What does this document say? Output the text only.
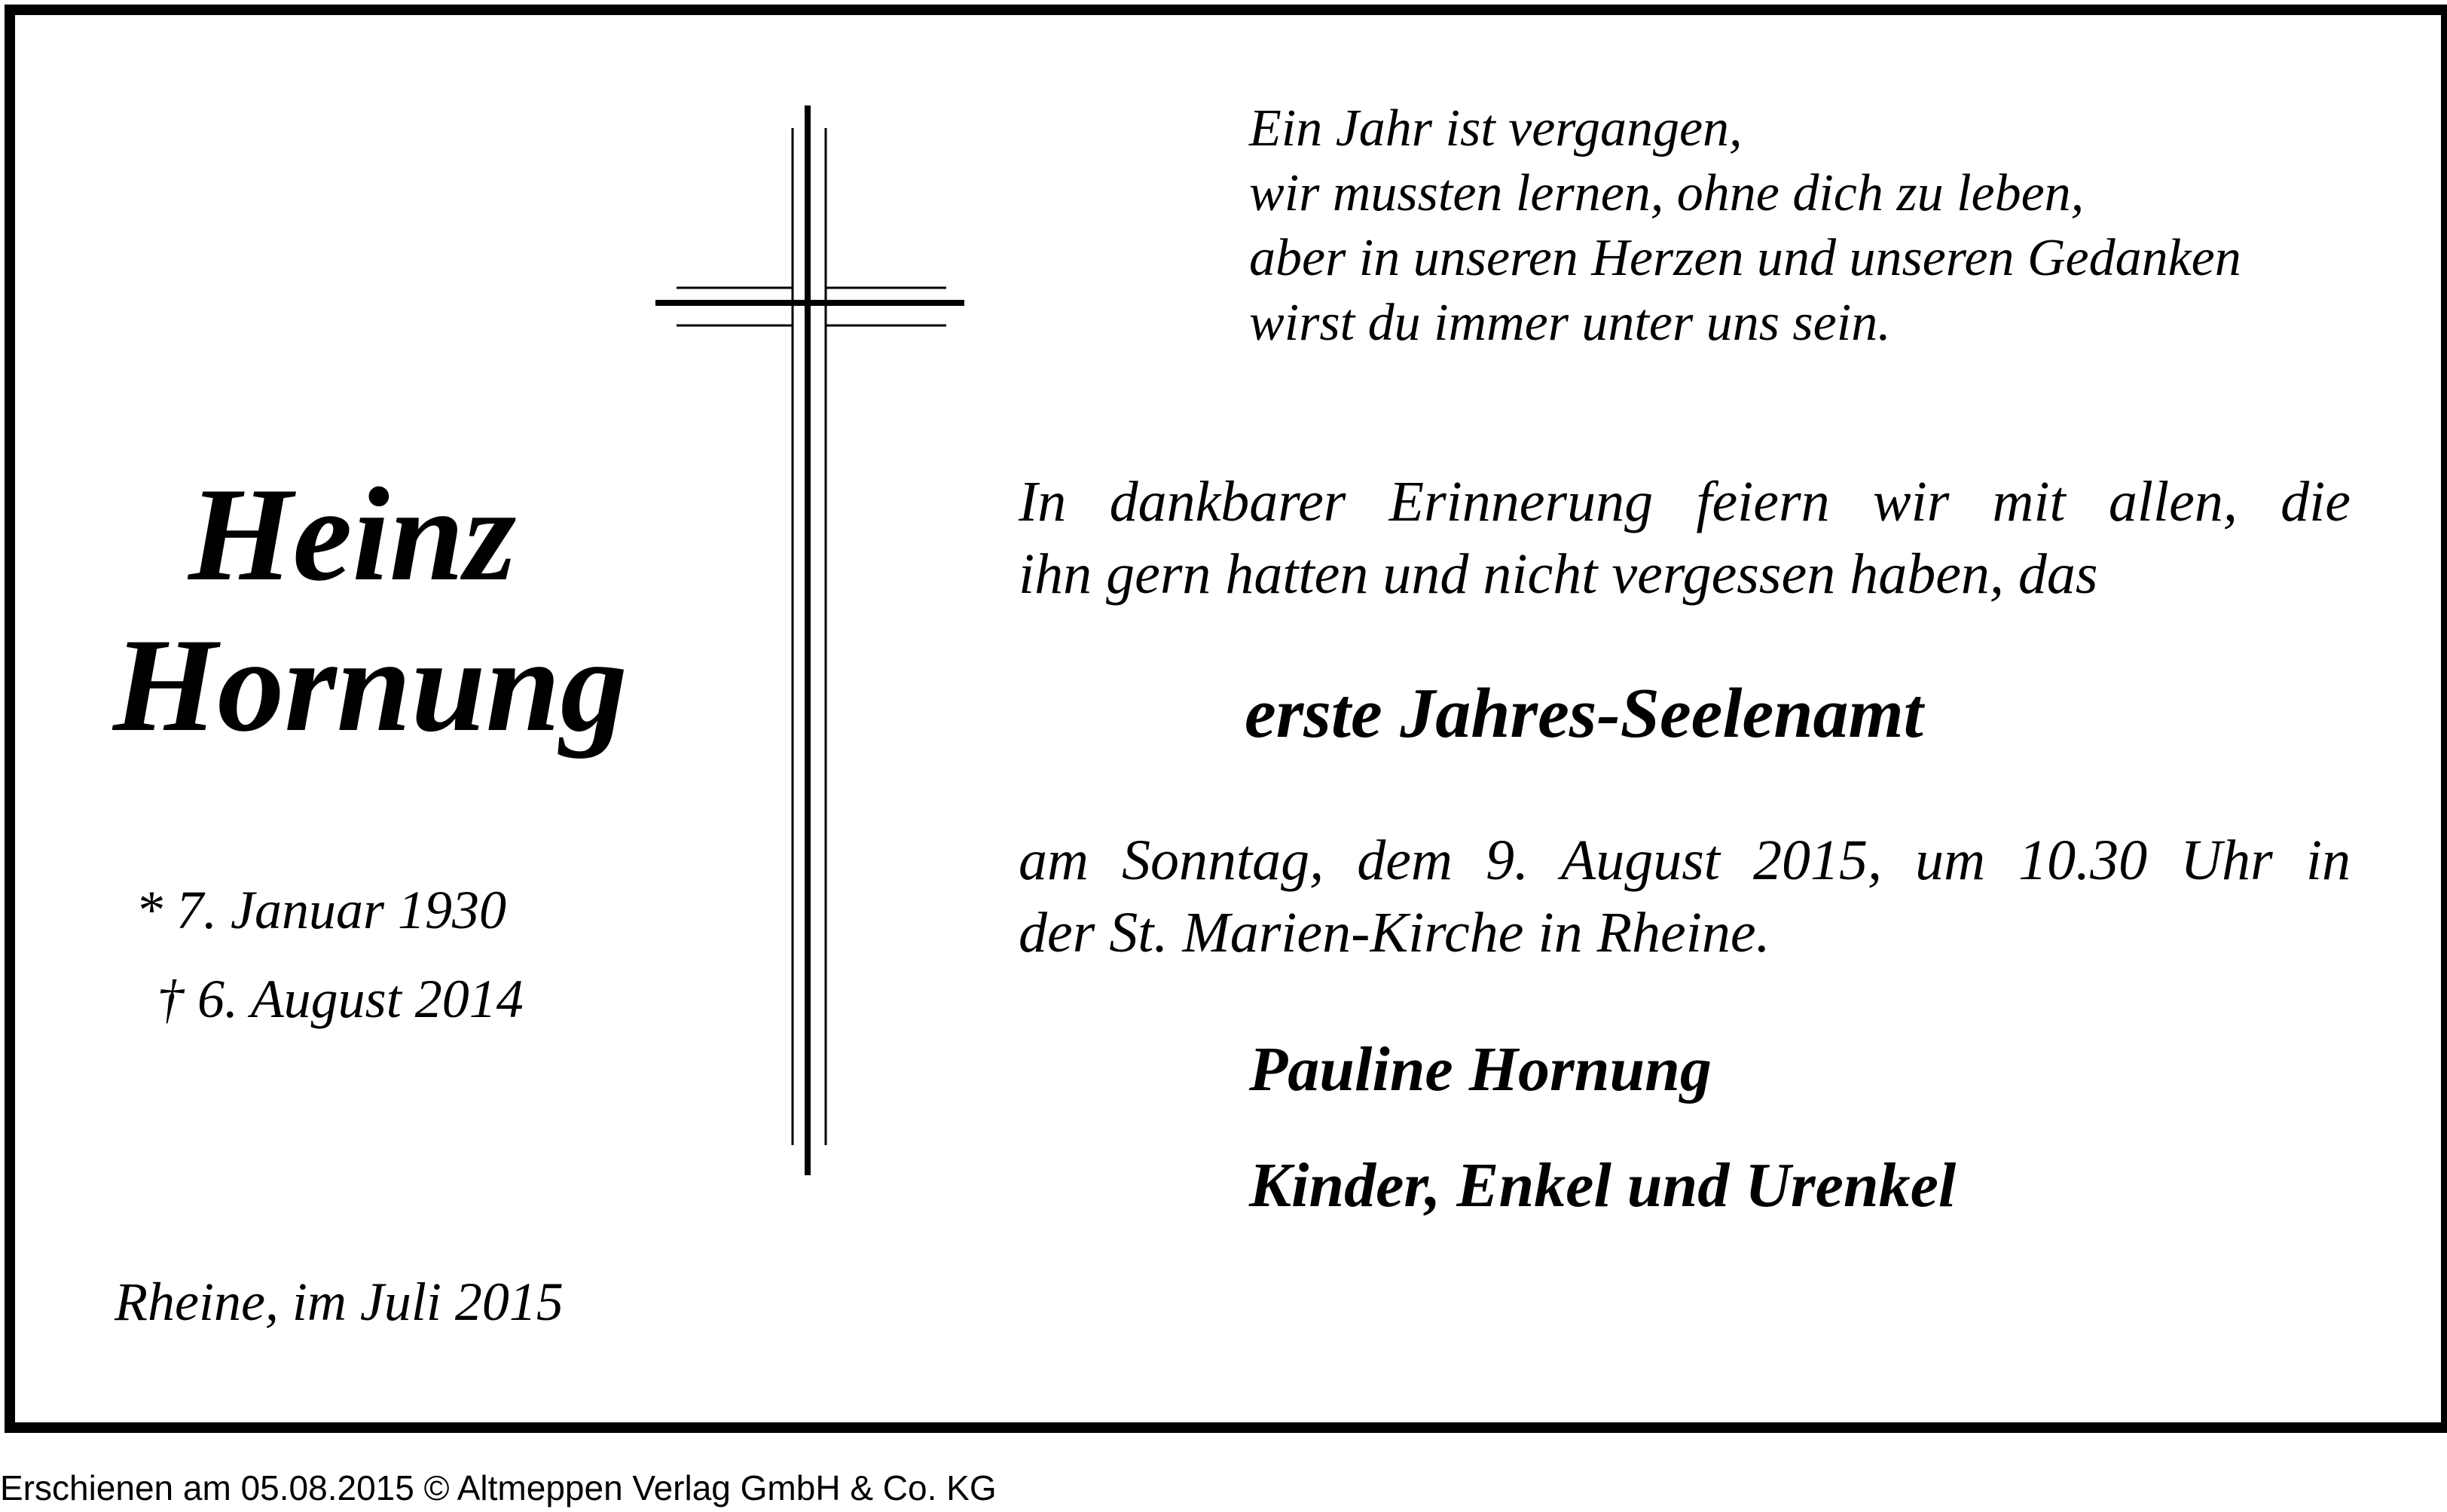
Heinz
Hornung
* 7. Januar 1930
† 6. August 2014
Rheine, im Juli 2015
Ein Jahr ist vergangen,
wir mussten lernen, ohne dich zu leben,
aber in unseren Herzen und unseren Gedanken
wirst du immer unter uns sein.
In dankbarer Erinnerung feiern wir mit allen, die
ihn gern hatten und nicht vergessen haben, das
erste Jahres-Seelenamt
am Sonntag, dem 9. August 2015, um 10.30 Uhr in
der St. Marien-Kirche in Rheine.
Pauline Hornung
Kinder, Enkel und Urenkel
Erschienen am 05.08.2015 © Altmeppen Verlag GmbH & Co. KG
